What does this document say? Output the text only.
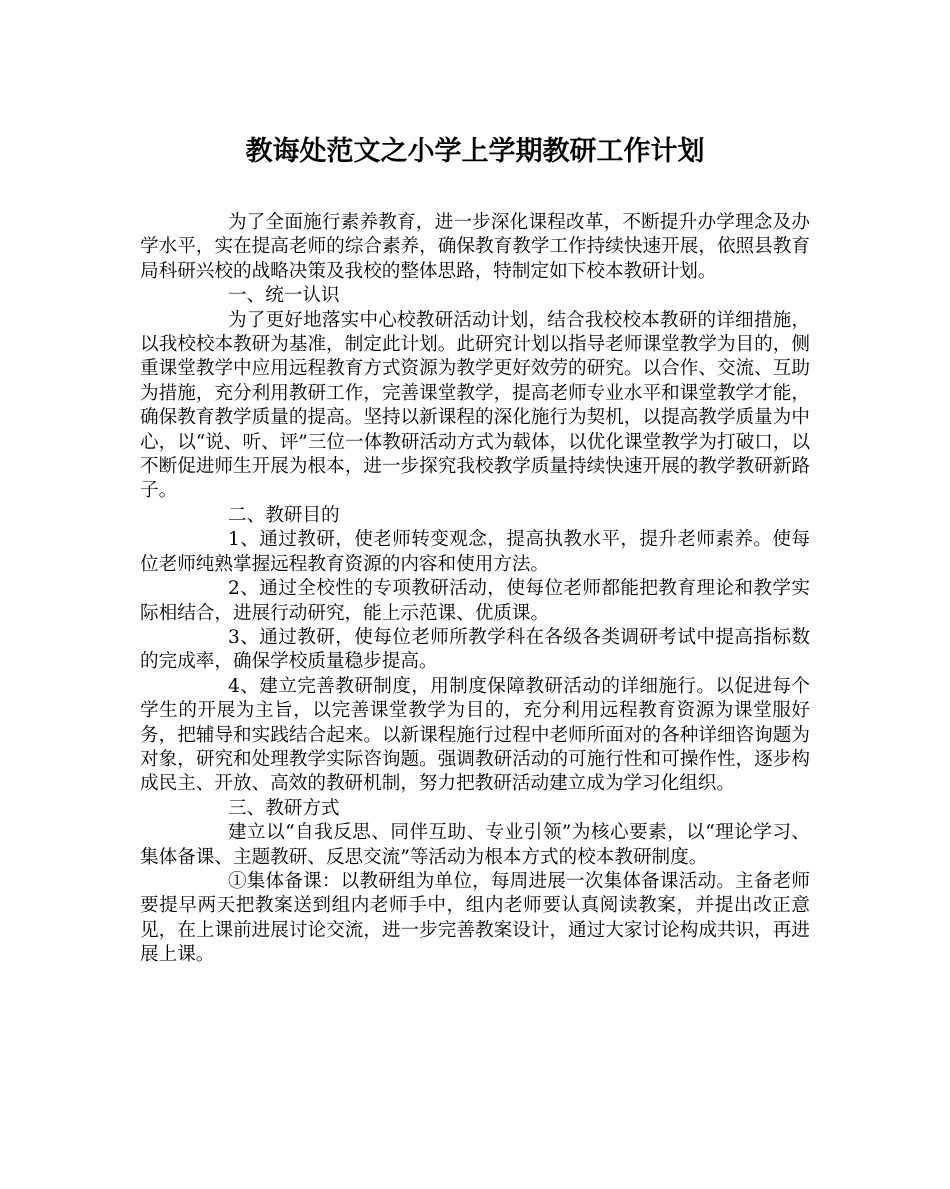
教诲处范文之小学上学期教研工作计划

为了全面施行素养教育，进一步深化课程改革，不断提升办学理念及办学水平，实在提高老师的综合素养，确保教育教学工作持续快速开展，依照县教育局科研兴校的战略决策及我校的整体思路，特制定如下校本教研计划。

一、统一认识

为了更好地落实中心校教研活动计划，结合我校校本教研的详细措施，以我校校本教研为基准，制定此计划。此研究计划以指导老师课堂教学为目的，侧重课堂教学中应用远程教育方式资源为教学更好效劳的研究。以合作、交流、互助为措施，充分利用教研工作，完善课堂教学，提高老师专业水平和课堂教学才能，确保教育教学质量的提高。坚持以新课程的深化施行为契机，以提高教学质量为中心，以“说、听、评”三位一体教研活动方式为载体，以优化课堂教学为打破口，以不断促进师生开展为根本，进一步探究我校教学质量持续快速开展的教学教研新路子。

二、教研目的

1、通过教研，使老师转变观念，提高执教水平，提升老师素养。使每位老师纯熟掌握远程教育资源的内容和使用方法。

2、通过全校性的专项教研活动，使每位老师都能把教育理论和教学实际相结合，进展行动研究，能上示范课、优质课。

3、通过教研，使每位老师所教学科在各级各类调研考试中提高指标数的完成率，确保学校质量稳步提高。

4、建立完善教研制度，用制度保障教研活动的详细施行。以促进每个学生的开展为主旨，以完善课堂教学为目的，充分利用远程教育资源为课堂服好务，把辅导和实践结合起来。以新课程施行过程中老师所面对的各种详细咨询题为对象，研究和处理教学实际咨询题。强调教研活动的可施行性和可操作性，逐步构成民主、开放、高效的教研机制，努力把教研活动建立成为学习化组织。

三、教研方式

建立以“自我反思、同伴互助、专业引领”为核心要素，以“理论学习、集体备课、主题教研、反思交流”等活动为根本方式的校本教研制度。

①集体备课：以教研组为单位，每周进展一次集体备课活动。主备老师要提早两天把教案送到组内老师手中，组内老师要认真阅读教案，并提出改正意见，在上课前进展讨论交流，进一步完善教案设计，通过大家讨论构成共识，再进展上课。
